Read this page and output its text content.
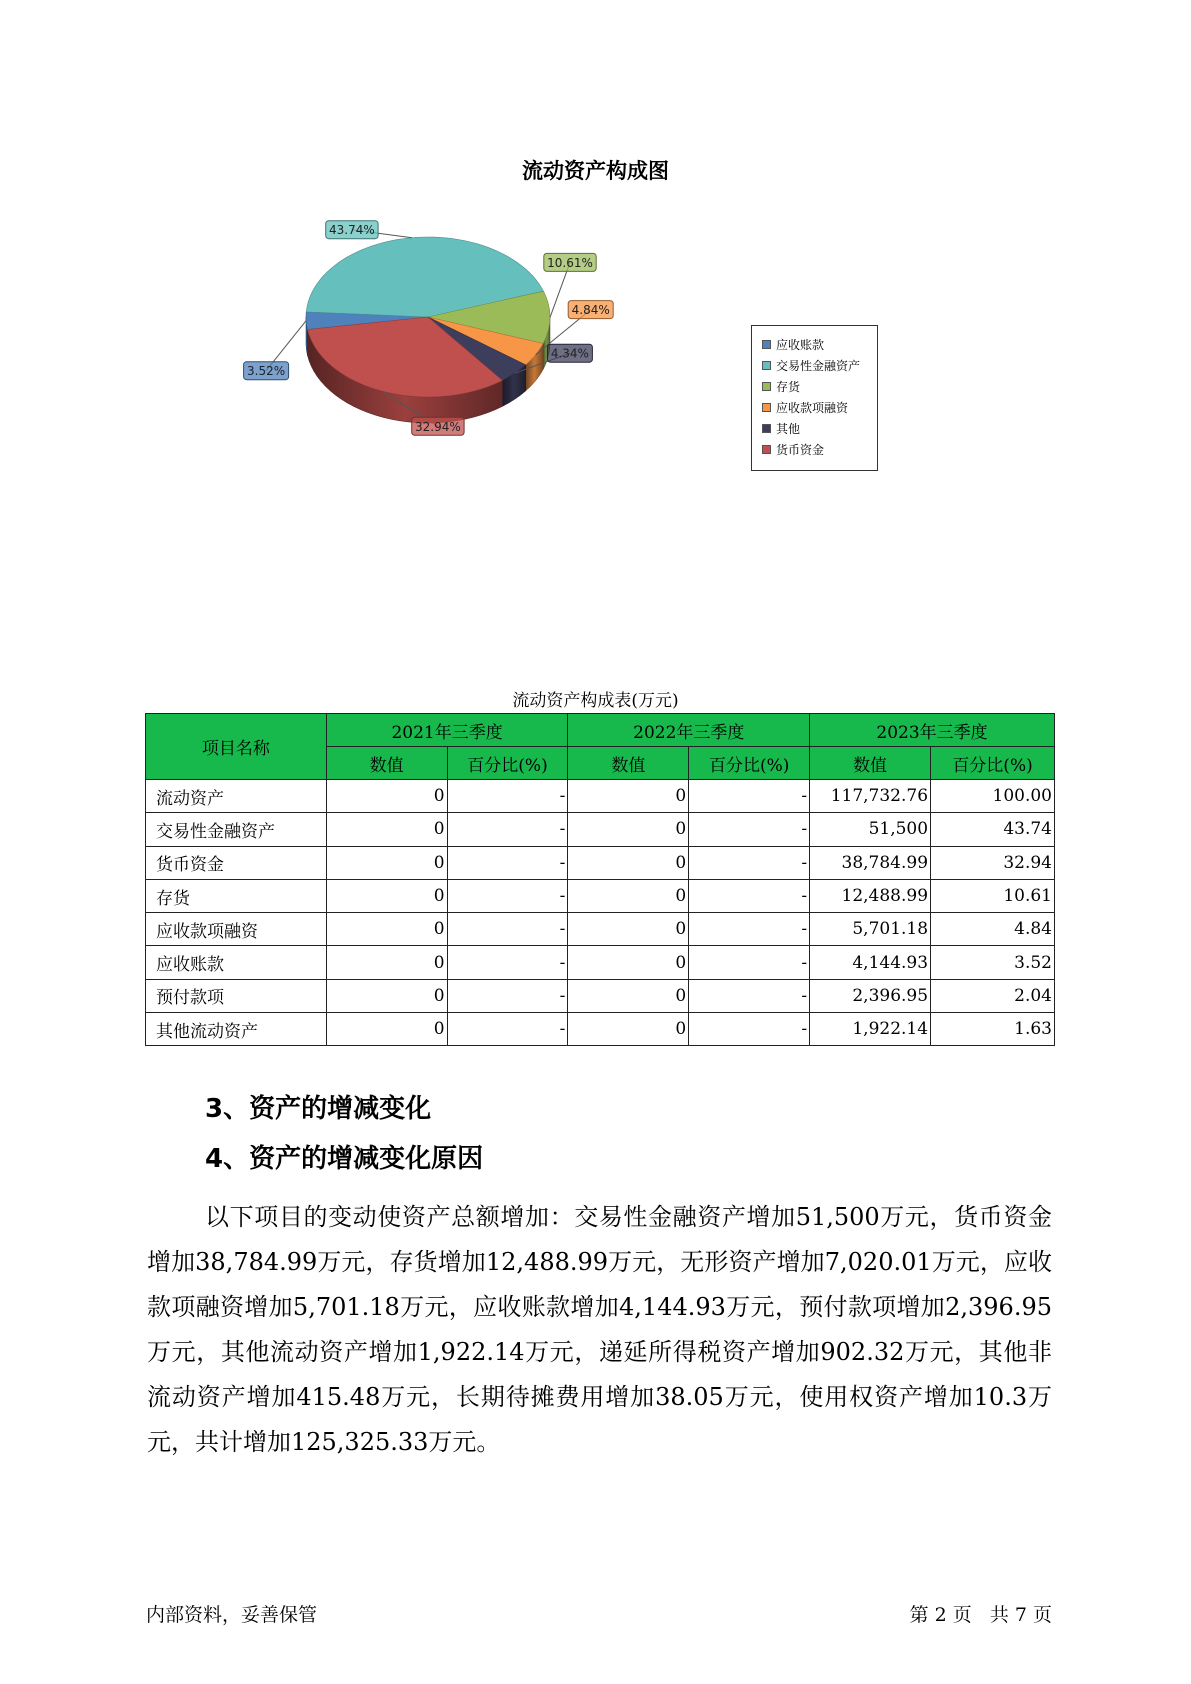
流动资产构成图
3.52%
43.74%
10.61%
4.84%
4.34%
32.94%
应收账款
交易性金融资产
存货
应收款项融资
其他
货币资金
流动资产构成表(万元)
项目名称	2021年三季度		2022年三季度		2023年三季度	
	数值	百分比(%)	数值	百分比(%)	数值	百分比(%)
流动资产	0	-	0	-	117,732.76	100.00
交易性金融资产	0	-	0	-	51,500	43.74
货币资金	0	-	0	-	38,784.99	32.94
存货	0	-	0	-	12,488.99	10.61
应收款项融资	0	-	0	-	5,701.18	4.84
应收账款	0	-	0	-	4,144.93	3.52
预付款项	0	-	0	-	2,396.95	2.04
其他流动资产	0	-	0	-	1,922.14	1.63
3、资产的增减变化
4、资产的增减变化原因
以下项目的变动使资产总额增加：交易性金融资产增加51,500万元，货币资金增加38,784.99万元，存货增加12,488.99万元，无形资产增加7,020.01万元，应收款项融资增加5,701.18万元，应收账款增加4,144.93万元，预付款项增加2,396.95万元，其他流动资产增加1,922.14万元，递延所得税资产增加902.32万元，其他非流动资产增加415.48万元，长期待摊费用增加38.05万元，使用权资产增加10.3万元，共计增加125,325.33万元。
内部资料，妥善保管	第 2 页   共 7 页
